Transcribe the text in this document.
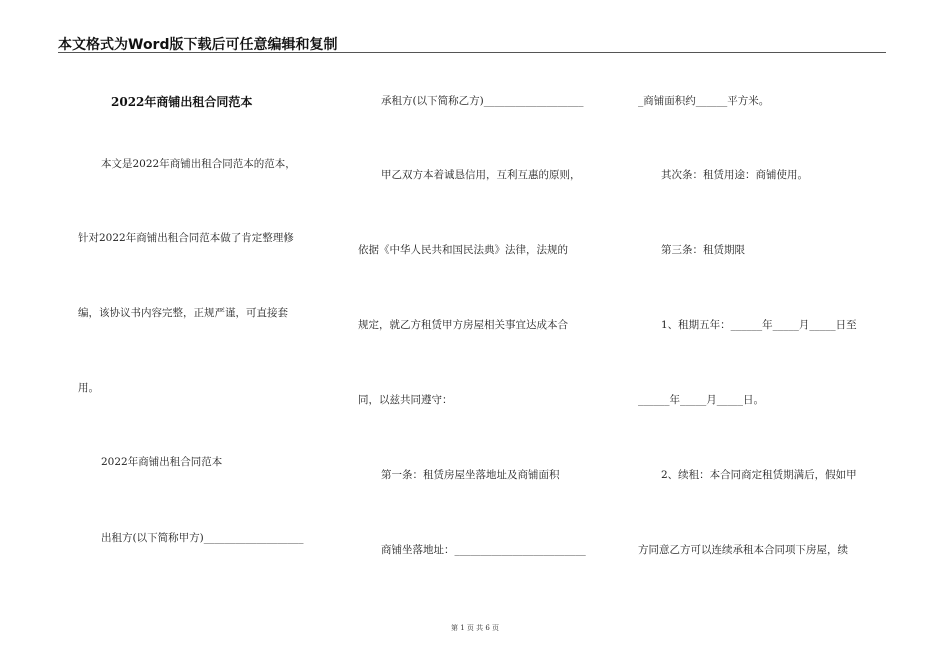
本文格式为Word版下载后可任意编辑和复制
2022年商铺出租合同范本
本文是2022年商铺出租合同范本的范本，
针对2022年商铺出租合同范本做了肯定整理修
编，该协议书内容完整，正规严谨，可直接套
用。
2022年商铺出租合同范本
出租方(以下简称甲方)___________________
承租方(以下简称乙方)___________________
甲乙双方本着诚恳信用，互利互惠的原则，
依据《中华人民共和国民法典》法律，法规的
规定，就乙方租赁甲方房屋相关事宜达成本合
同，以兹共同遵守：
第一条：租赁房屋坐落地址及商铺面积
商铺坐落地址：_________________________
_商铺面积约______平方米。
其次条：租赁用途：商铺使用。
第三条：租赁期限
1、租期五年：______年_____月_____日至
______年_____月_____日。
2、续租：本合同商定租赁期满后，假如甲
方同意乙方可以连续承租本合同项下房屋，续
第 1 页 共 6 页
